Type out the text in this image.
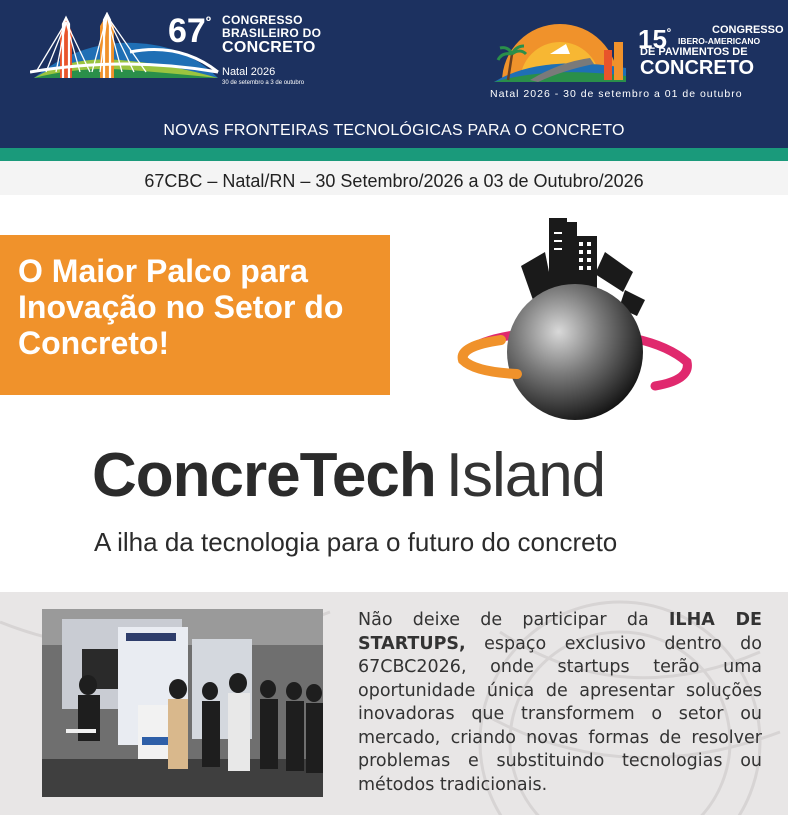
$67^º$ CONGRESSO
BRASILEIRO DO
CONCRETO
Natal 2026
30 de setembro a 3 de outubro
$15^º$	CONGRESSO
IBERO-AMERICANO
DE PAVIMENTOS DE
CONCRETO
Natal 2026 - 30 de setembro a 01 de outubro
NOVAS FRONTEIRAS TECNOLÓGICAS PARA O CONCRETO
67CBC – Natal/RN – 30 Setembro/2026 a 03 de Outubro/2026
O Maior Palco para Inovação no Setor do Concreto!
ConcreTech Island
A ilha da tecnologia para o futuro do concreto
Não deixe de participar da ILHA DE STARTUPS, espaço exclusivo dentro do 67CBC2026, onde startups terão uma oportunidade única de apresentar soluções inovadoras que transformem o setor ou mercado, criando novas formas de resolver problemas e substituindo tecnologias ou métodos tradicionais.
